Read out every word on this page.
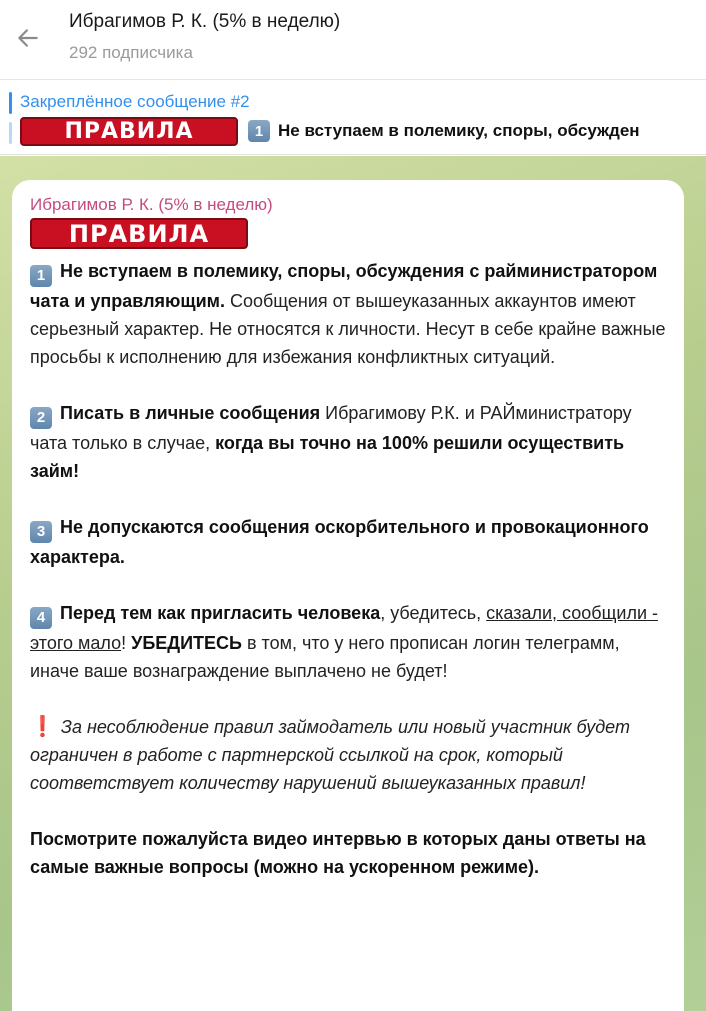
Ибрагимов Р. К. (5% в неделю)
292 подписчика
Закреплённое сообщение #2
ПРАВИЛА	1 Не вступаем в полемику, споры, обсужден
Ибрагимов Р. К. (5% в неделю)
ПРАВИЛА

1 Не вступаем в полемику, споры, обсуждения с райминистратором чата и управляющим. Сообщения от вышеуказанных аккаунтов имеют серьезный характер. Не относятся к личности. Несут в себе крайне важные просьбы к исполнению для избежания конфликтных ситуаций.

2 Писать в личные сообщения Ибрагимову Р.К. и РАЙминистратору чата только в случае, когда вы точно на 100% решили осуществить займ!

3 Не допускаются сообщения оскорбительного и провокационного характера.

4 Перед тем как пригласить человека, убедитесь, сказали, сообщили - этого мало! УБЕДИТЕСЬ в том, что у него прописан логин телеграмм, иначе ваше вознаграждение выплачено не будет!

❗ За несоблюдение правил займодатель или новый участник будет ограничен в работе с партнерской ссылкой на срок, который соответствует количеству нарушений вышеуказанных правил!

Посмотрите пожалуйста видео интервью в которых даны ответы на самые важные вопросы (можно на ускоренном режиме).
